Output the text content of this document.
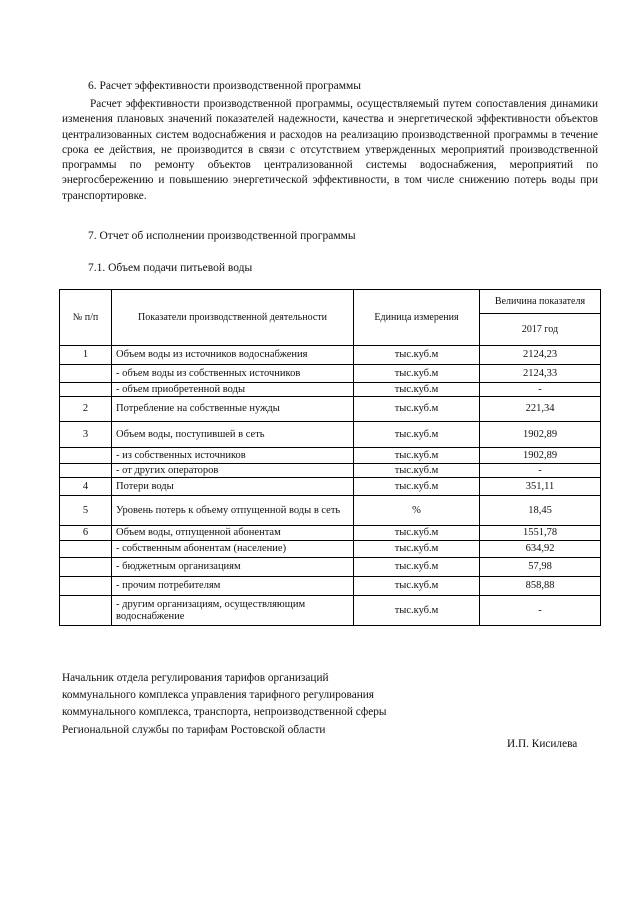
6. Расчет эффективности производственной программы
Расчет эффективности производственной программы, осуществляемый путем сопоставления динамики изменения плановых значений показателей надежности, качества и энергетической эффективности объектов централизованных систем водоснабжения и расходов на реализацию производственной программы в течение срока ее действия, не производится в связи с отсутствием утвержденных мероприятий производственной программы по ремонту объектов централизованной системы водоснабжения, мероприятий по энергосбережению и повышению энергетической эффективности, в том числе снижению потерь воды при транспортировке.
7. Отчет об исполнении производственной программы
7.1. Объем подачи питьевой воды
№ п/п	Показатели производственной деятельности	Единица измерения	Величина показателя
			2017 год
1	Объем воды из источников водоснабжения	тыс.куб.м	2124,23
	- объем воды из собственных источников	тыс.куб.м	2124,33
	- объем приобретенной воды	тыс.куб.м	-
2	Потребление на собственные нужды	тыс.куб.м	221,34
3	Объем воды, поступившей в сеть	тыс.куб.м	1902,89
	- из собственных источников	тыс.куб.м	1902,89
	- от других операторов	тыс.куб.м	-
4	Потери воды	тыс.куб.м	351,11
5	Уровень потерь к объему отпущенной воды в сеть	%	18,45
6	Объем воды, отпущенной абонентам	тыс.куб.м	1551,78
	- собственным абонентам (население)	тыс.куб.м	634,92
	- бюджетным организациям	тыс.куб.м	57,98
	- прочим потребителям	тыс.куб.м	858,88
	- другим организациям, осуществляющим водоснабжение	тыс.куб.м	-
Начальник отдела регулирования тарифов организаций коммунального комплекса управления тарифного регулирования коммунального комплекса, транспорта, непроизводственной сферы Региональной службы по тарифам Ростовской области
И.П. Кисилева
